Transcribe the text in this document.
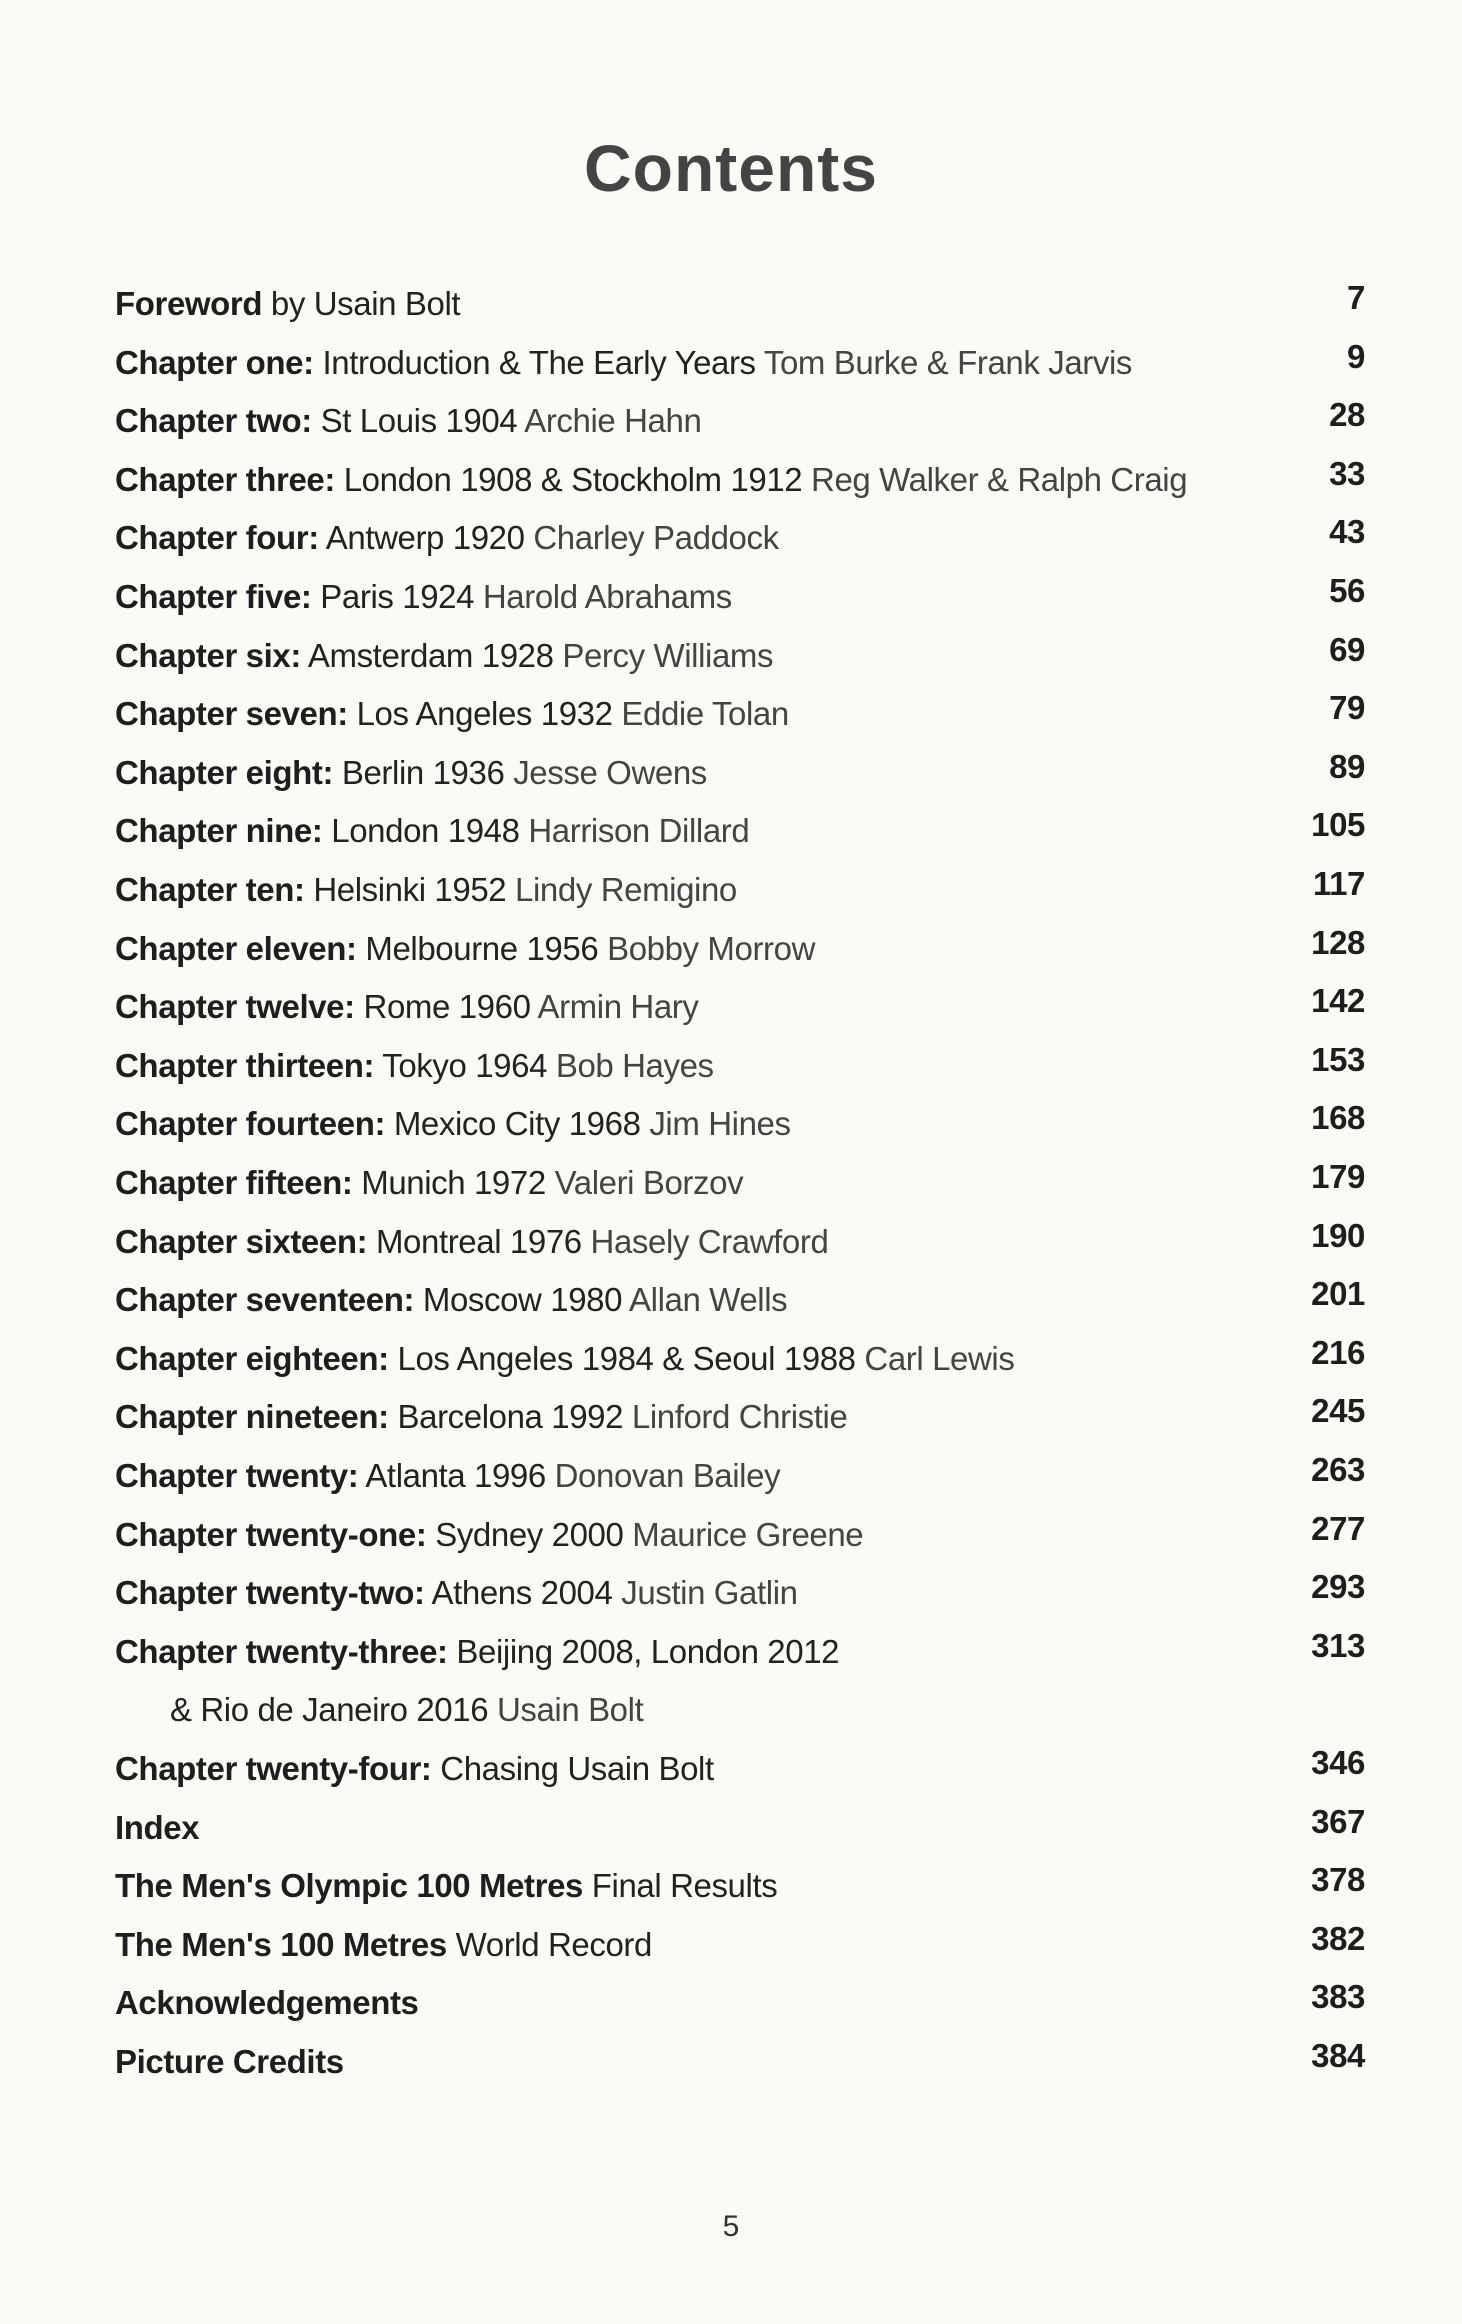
Contents
Foreword by Usain Bolt	7
Chapter one: Introduction & The Early Years Tom Burke & Frank Jarvis	9
Chapter two: St Louis 1904 Archie Hahn	28
Chapter three: London 1908 & Stockholm 1912 Reg Walker & Ralph Craig	33
Chapter four: Antwerp 1920 Charley Paddock	43
Chapter five: Paris 1924 Harold Abrahams	56
Chapter six: Amsterdam 1928 Percy Williams	69
Chapter seven: Los Angeles 1932 Eddie Tolan	79
Chapter eight: Berlin 1936 Jesse Owens	89
Chapter nine: London 1948 Harrison Dillard	105
Chapter ten: Helsinki 1952 Lindy Remigino	117
Chapter eleven: Melbourne 1956 Bobby Morrow	128
Chapter twelve: Rome 1960 Armin Hary	142
Chapter thirteen: Tokyo 1964 Bob Hayes	153
Chapter fourteen: Mexico City 1968 Jim Hines	168
Chapter fifteen: Munich 1972 Valeri Borzov	179
Chapter sixteen: Montreal 1976 Hasely Crawford	190
Chapter seventeen: Moscow 1980 Allan Wells	201
Chapter eighteen: Los Angeles 1984 & Seoul 1988 Carl Lewis	216
Chapter nineteen: Barcelona 1992 Linford Christie	245
Chapter twenty: Atlanta 1996 Donovan Bailey	263
Chapter twenty-one: Sydney 2000 Maurice Greene	277
Chapter twenty-two: Athens 2004 Justin Gatlin	293
Chapter twenty-three: Beijing 2008, London 2012	313
& Rio de Janeiro 2016 Usain Bolt
Chapter twenty-four: Chasing Usain Bolt	346
Index	367
The Men's Olympic 100 Metres Final Results	378
The Men's 100 Metres World Record	382
Acknowledgements	383
Picture Credits	384
5
